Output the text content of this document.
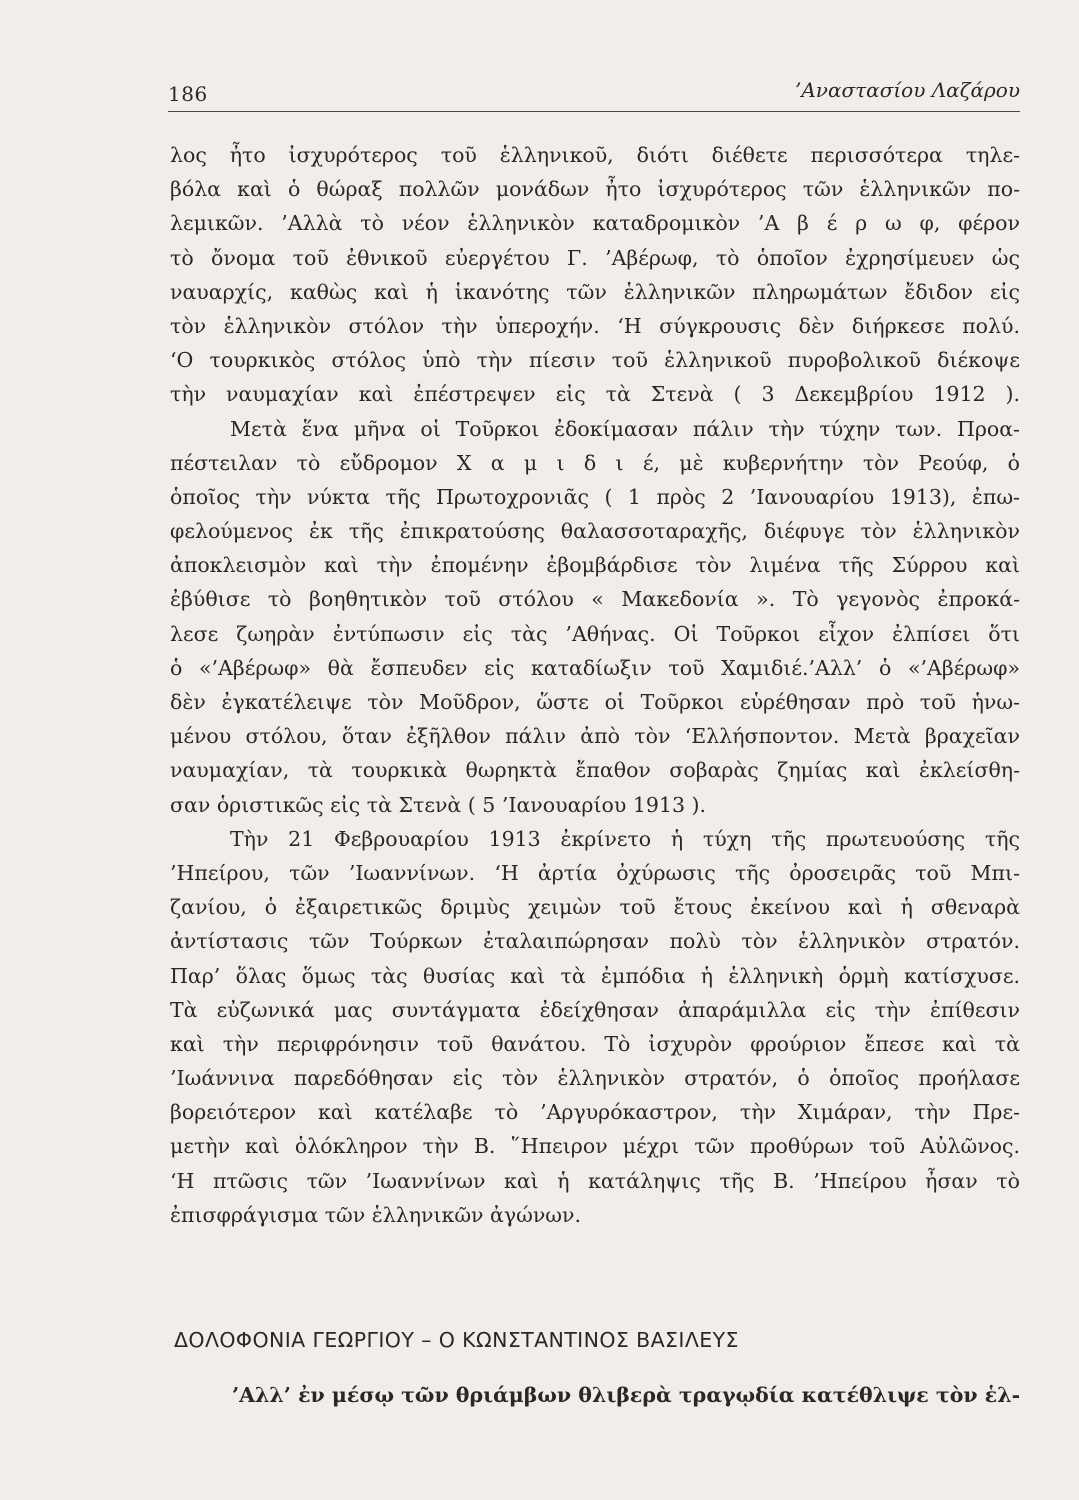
186	’Αναστασίου Λαζάρου
λος ἦτο ἰσχυρότερος τοῦ ἑλληνικοῦ, διότι διέθετε περισσότερα τηλε-
βόλα καὶ ὁ θώραξ πολλῶν μονάδων ἦτο ἰσχυρότερος τῶν ἑλληνικῶν πο-
λεμικῶν. ’Αλλὰ τὸ νέον ἑλληνικὸν καταδρομικὸν ’Α β έ ρ ω φ, φέρον
τὸ ὄνομα τοῦ ἐθνικοῦ εὐεργέτου Γ. ’Αβέρωφ, τὸ ὁποῖον ἐχρησίμευεν ὡς
ναυαρχίς, καθὼς καὶ ἡ ἱκανότης τῶν ἑλληνικῶν πληρωμάτων ἔδιδον εἰς
τὸν ἑλληνικὸν στόλον τὴν ὑπεροχήν. ‘Η σύγκρουσις δὲν διήρκεσε πολύ.
‘Ο τουρκικὸς στόλος ὑπὸ τὴν πίεσιν τοῦ ἑλληνικοῦ πυροβολικοῦ διέκοψε
τὴν ναυμαχίαν καὶ ἐπέστρεψεν εἰς τὰ Στενὰ ( 3 Δεκεμβρίου 1912 ).
Μετὰ ἕνα μῆνα οἱ Τοῦρκοι ἐδοκίμασαν πάλιν τὴν τύχην των. Προα-
πέστειλαν τὸ εὔδρομον Χ α μ ι δ ι έ, μὲ κυβερνήτην τὸν Ρεούφ, ὁ
ὁποῖος τὴν νύκτα τῆς Πρωτοχρονιᾶς ( 1 πρὸς 2 ’Ιανουαρίου 1913), ἐπω-
φελούμενος ἐκ τῆς ἐπικρατούσης θαλασσοταραχῆς, διέφυγε τὸν ἑλληνικὸν
ἀποκλεισμὸν καὶ τὴν ἐπομένην ἐβομβάρδισε τὸν λιμένα τῆς Σύρρου καὶ
ἐβύθισε τὸ βοηθητικὸν τοῦ στόλου « Μακεδονία ». Τὸ γεγονὸς ἐπροκά-
λεσε ζωηρὰν ἐντύπωσιν εἰς τὰς ’Αθήνας. Οἱ Τοῦρκοι εἶχον ἐλπίσει ὅτι
ὁ «’Αβέρωφ» θὰ ἔσπευδεν εἰς καταδίωξιν τοῦ Χαμιδιέ.’Αλλ’ ὁ «’Αβέρωφ»
δὲν ἐγκατέλειψε τὸν Μοῦδρον, ὥστε οἱ Τοῦρκοι εὑρέθησαν πρὸ τοῦ ἡνω-
μένου στόλου, ὅταν ἐξῆλθον πάλιν ἀπὸ τὸν ‘Ελλήσποντον. Μετὰ βραχεῖαν
ναυμαχίαν, τὰ τουρκικὰ θωρηκτὰ ἔπαθον σοβαρὰς ζημίας καὶ ἐκλείσθη-
σαν ὁριστικῶς εἰς τὰ Στενὰ ( 5 ’Ιανουαρίου 1913 ).
Τὴν 21 Φεβρουαρίου 1913 ἐκρίνετο ἡ τύχη τῆς πρωτευούσης τῆς
’Ηπείρου, τῶν ’Ιωαννίνων. ‘Η ἀρτία ὀχύρωσις τῆς ὀροσειρᾶς τοῦ Μπι-
ζανίου, ὁ ἐξαιρετικῶς δριμὺς χειμὼν τοῦ ἔτους ἐκείνου καὶ ἡ σθεναρὰ
ἀντίστασις τῶν Τούρκων ἐταλαιπώρησαν πολὺ τὸν ἑλληνικὸν στρατόν.
Παρ’ ὅλας ὅμως τὰς θυσίας καὶ τὰ ἐμπόδια ἡ ἑλληνικὴ ὁρμὴ κατίσχυσε.
Τὰ εὐζωνικά μας συντάγματα ἐδείχθησαν ἀπαράμιλλα εἰς τὴν ἐπίθεσιν
καὶ τὴν περιφρόνησιν τοῦ θανάτου. Τὸ ἰσχυρὸν φρούριον ἔπεσε καὶ τὰ
’Ιωάννινα παρεδόθησαν εἰς τὸν ἑλληνικὸν στρατόν, ὁ ὁποῖος προήλασε
βορειότερον καὶ κατέλαβε τὸ ’Αργυρόκαστρον, τὴν Χιμάραν, τὴν Πρε-
μετὴν καὶ ὁλόκληρον τὴν Β. ῞Ηπειρον μέχρι τῶν προθύρων τοῦ Αὐλῶνος.
‘Η πτῶσις τῶν ’Ιωαννίνων καὶ ἡ κατάληψις τῆς Β. ’Ηπείρου ἦσαν τὸ
ἐπισφράγισμα τῶν ἑλληνικῶν ἀγώνων.
ΔΟΛΟΦΟΝΙΑ ΓΕΩΡΓΙΟΥ – Ο ΚΩΝΣΤΑΝΤΙΝΟΣ ΒΑΣΙΛΕΥΣ
’Αλλ’ ἐν μέσῳ τῶν θριάμβων θλιβερὰ τραγῳδία κατέθλιψε τὸν ἑλ-
